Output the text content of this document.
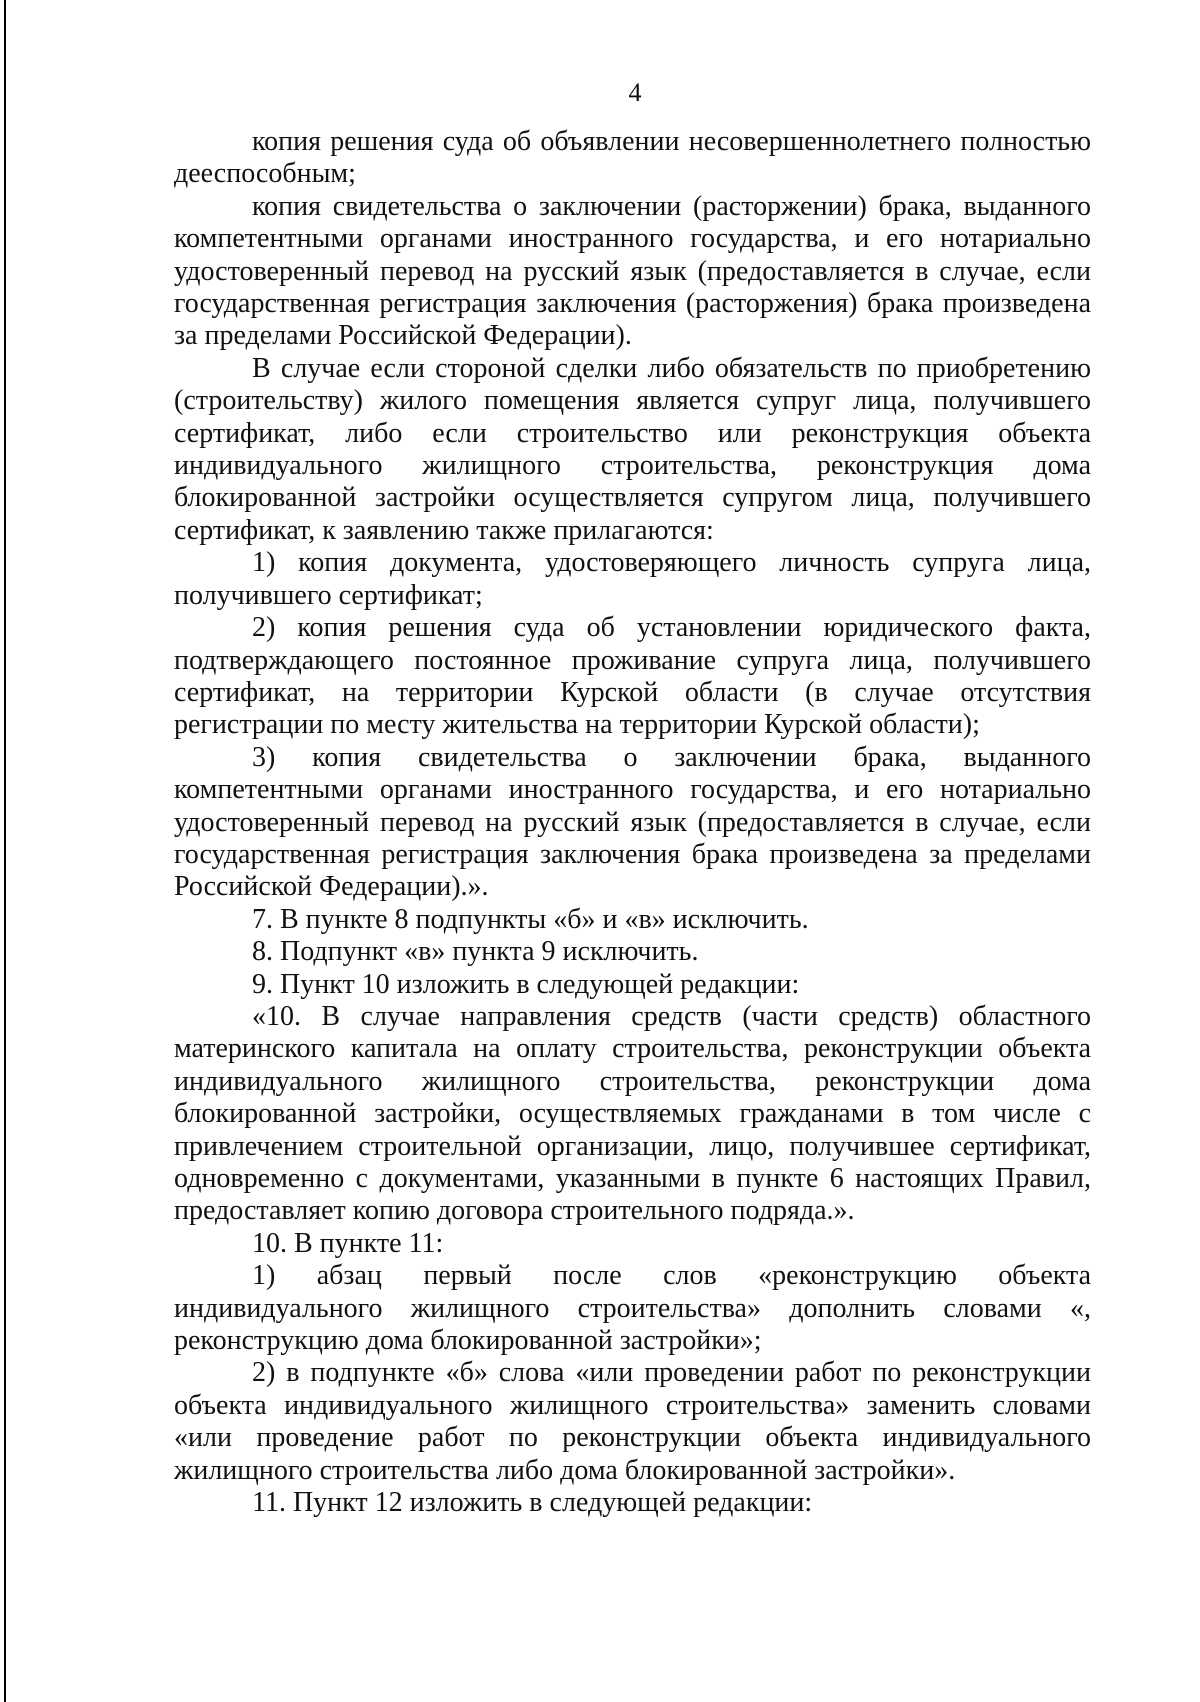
4

копия решения суда об объявлении несовершеннолетнего полностью дееспособным;

копия свидетельства о заключении (расторжении) брака, выданного компетентными органами иностранного государства, и его нотариально удостоверенный перевод на русский язык (предоставляется в случае, если государственная регистрация заключения (расторжения) брака произведена за пределами Российской Федерации).

В случае если стороной сделки либо обязательств по приобретению (строительству) жилого помещения является супруг лица, получившего сертификат, либо если строительство или реконструкция объекта индивидуального жилищного строительства, реконструкция дома блокированной застройки осуществляется супругом лица, получившего сертификат, к заявлению также прилагаются:

1) копия документа, удостоверяющего личность супруга лица, получившего сертификат;

2) копия решения суда об установлении юридического факта, подтверждающего постоянное проживание супруга лица, получившего сертификат, на территории Курской области (в случае отсутствия регистрации по месту жительства на территории Курской области);

3) копия свидетельства о заключении брака, выданного компетентными органами иностранного государства, и его нотариально удостоверенный перевод на русский язык (предоставляется в случае, если государственная регистрация заключения брака произведена за пределами Российской Федерации).».

7. В пункте 8 подпункты «б» и «в» исключить.

8. Подпункт «в» пункта 9 исключить.

9. Пункт 10 изложить в следующей редакции:

«10. В случае направления средств (части средств) областного материнского капитала на оплату строительства, реконструкции объекта индивидуального жилищного строительства, реконструкции дома блокированной застройки, осуществляемых гражданами в том числе с привлечением строительной организации, лицо, получившее сертификат, одновременно с документами, указанными в пункте 6 настоящих Правил, предоставляет копию договора строительного подряда.».

10. В пункте 11:

1) абзац первый после слов «реконструкцию объекта индивидуального жилищного строительства» дополнить словами «, реконструкцию дома блокированной застройки»;

2) в подпункте «б» слова «или проведении работ по реконструкции объекта индивидуального жилищного строительства» заменить словами «или проведение работ по реконструкции объекта индивидуального жилищного строительства либо дома блокированной застройки».

11. Пункт 12 изложить в следующей редакции:
